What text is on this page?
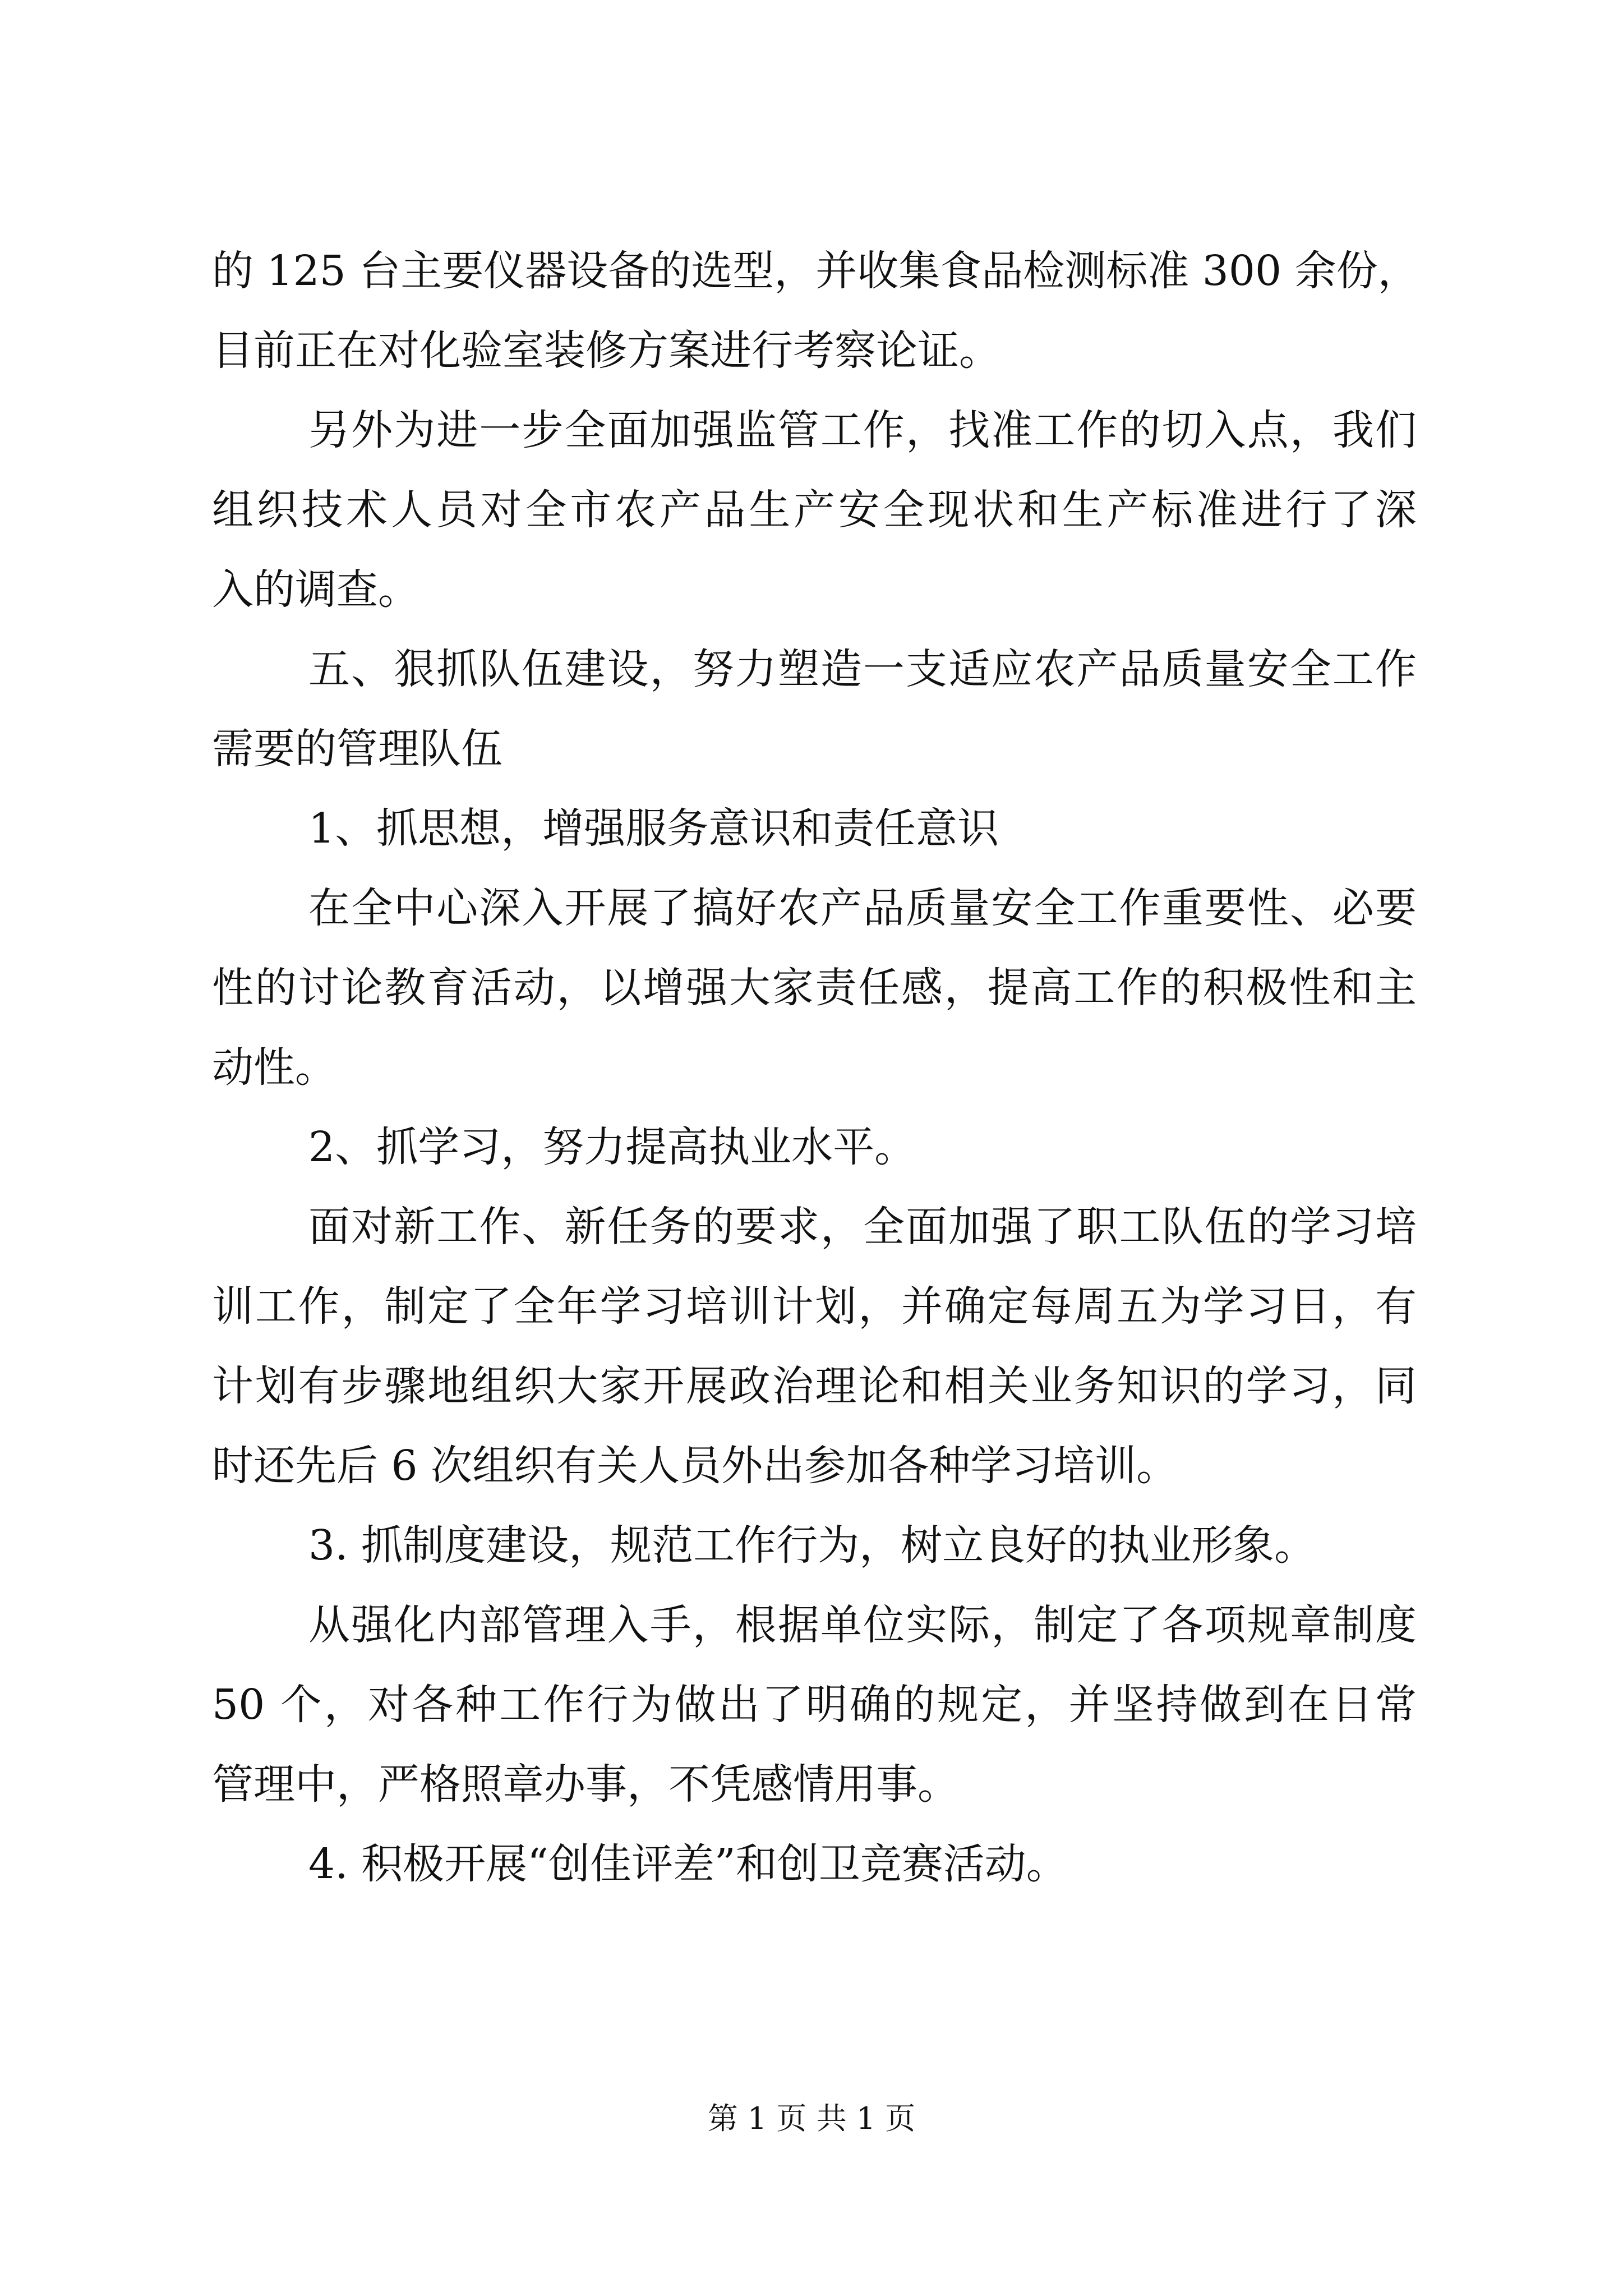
的 125 台主要仪器设备的选型，并收集食品检测标准 300 余份，
目前正在对化验室装修方案进行考察论证。
另外为进一步全面加强监管工作，找准工作的切入点，我们
组织技术人员对全市农产品生产安全现状和生产标准进行了深
入的调查。
五、狠抓队伍建设，努力塑造一支适应农产品质量安全工作
需要的管理队伍
1、抓思想，增强服务意识和责任意识
在全中心深入开展了搞好农产品质量安全工作重要性、必要
性的讨论教育活动，以增强大家责任感，提高工作的积极性和主
动性。
2、抓学习，努力提高执业水平。
面对新工作、新任务的要求，全面加强了职工队伍的学习培
训工作，制定了全年学习培训计划，并确定每周五为学习日，有
计划有步骤地组织大家开展政治理论和相关业务知识的学习，同
时还先后 6 次组织有关人员外出参加各种学习培训。
3. 抓制度建设，规范工作行为，树立良好的执业形象。
从强化内部管理入手，根据单位实际，制定了各项规章制度
50 个，对各种工作行为做出了明确的规定，并坚持做到在日常
管理中，严格照章办事，不凭感情用事。
4. 积极开展“创佳评差”和创卫竞赛活动。
第 1 页 共 1 页
